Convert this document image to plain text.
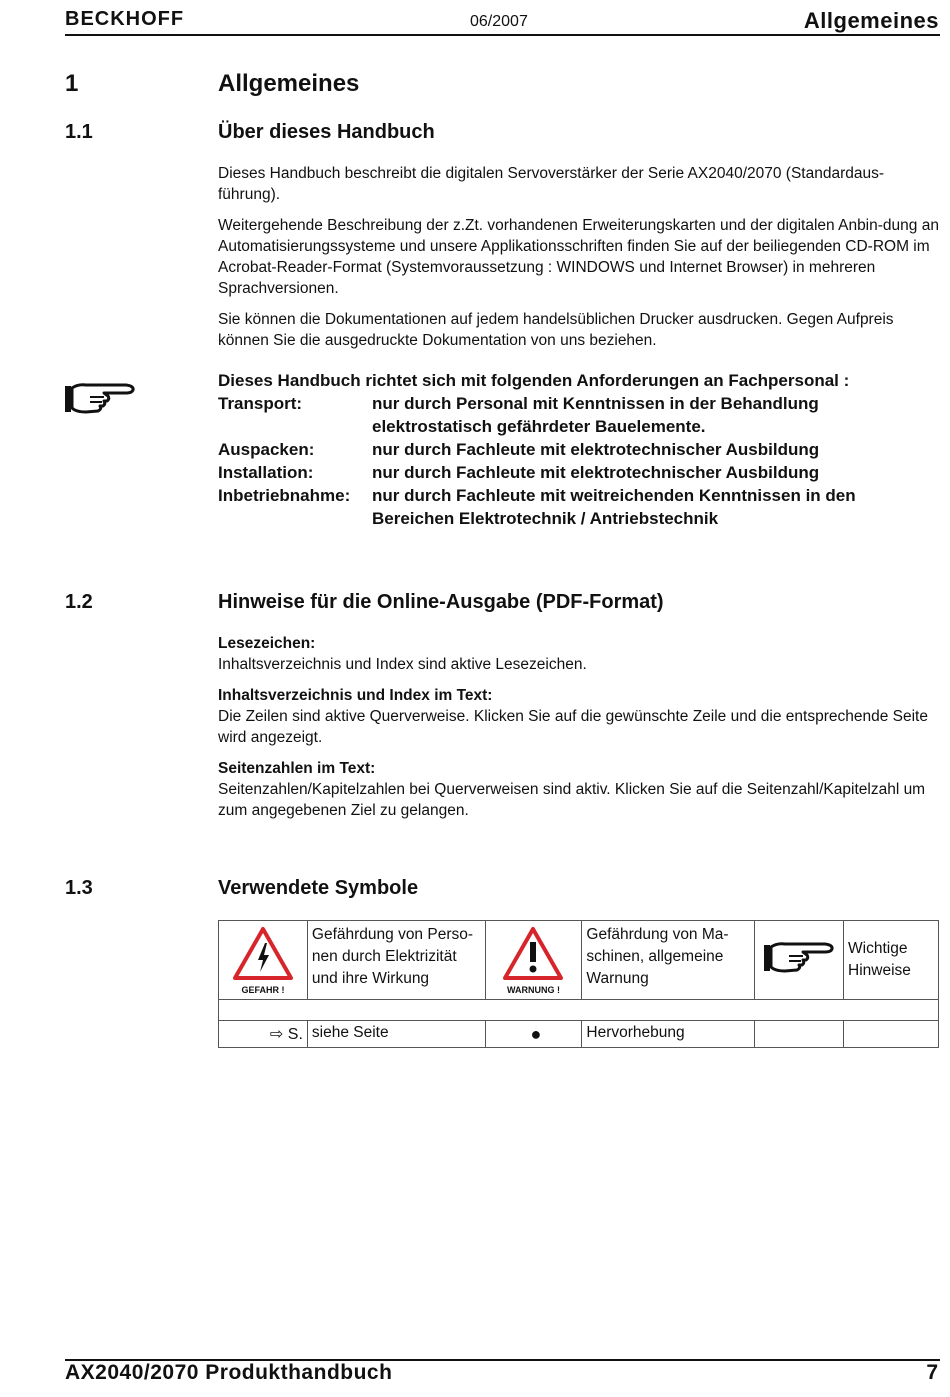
BECKHOFF	06/2007	Allgemeines
1	Allgemeines
1.1	Über dieses Handbuch

Dieses Handbuch beschreibt die digitalen Servoverstärker der Serie AX2040/2070 (Standardaus-führung).

Weitergehende Beschreibung der z.Zt. vorhandenen Erweiterungskarten und der digitalen Anbin-dung an Automatisierungssysteme und unsere Applikationsschriften finden Sie auf der beiliegenden CD-ROM im Acrobat-Reader-Format (Systemvoraussetzung : WINDOWS und Internet Browser) in mehreren Sprachversionen.

Sie können die Dokumentationen auf jedem handelsüblichen Drucker ausdrucken. Gegen Aufpreis können Sie die ausgedruckte Dokumentation von uns beziehen.

Dieses Handbuch richtet sich mit folgenden Anforderungen an Fachpersonal :
Transport:	nur durch Personal mit Kenntnissen in der Behandlung elektrostatisch gefährdeter Bauelemente.
Auspacken:	nur durch Fachleute mit elektrotechnischer Ausbildung
Installation:	nur durch Fachleute mit elektrotechnischer Ausbildung
Inbetriebnahme:	nur durch Fachleute mit weitreichenden Kenntnissen in den Bereichen Elektrotechnik / Antriebstechnik
1.2	Hinweise für die Online-Ausgabe (PDF-Format)
Lesezeichen:
Inhaltsverzeichnis und Index sind aktive Lesezeichen.
Inhaltsverzeichnis und Index im Text:
Die Zeilen sind aktive Querverweise. Klicken Sie auf die gewünschte Zeile und die entsprechende Seite wird angezeigt.
Seitenzahlen im Text:
Seitenzahlen/Kapitelzahlen bei Querverweisen sind aktiv. Klicken Sie auf die Seitenzahl/Kapitelzahl um zum angegebenen Ziel zu gelangen.
1.3	Verwendete Symbole
GEFAHR !	Gefährdung von Perso-nen durch Elektrizität und ihre Wirkung	WARNUNG !	Gefährdung von Ma-schinen, allgemeine Warnung		Wichtige Hinweise

⇨ S.	siehe Seite	●	Hervorhebung		
AX2040/2070 Produkthandbuch	7
